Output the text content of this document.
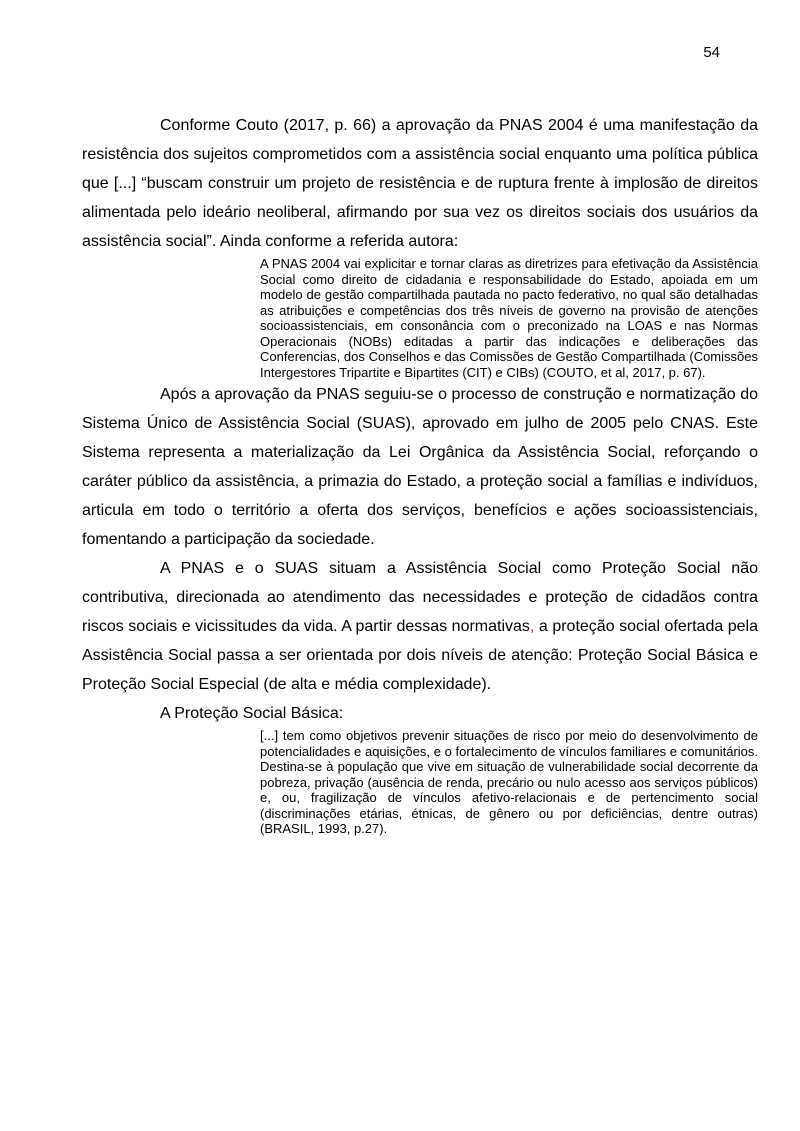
54

Conforme Couto (2017, p. 66) a aprovação da PNAS 2004 é uma manifestação da resistência dos sujeitos comprometidos com a assistência social enquanto uma política pública que [...] “buscam construir um projeto de resistência e de ruptura frente à implosão de direitos alimentada pelo ideário neoliberal, afirmando por sua vez os direitos sociais dos usuários da assistência social”. Ainda conforme a referida autora:

A PNAS 2004 vai explicitar e tornar claras as diretrizes para efetivação da Assistência Social como direito de cidadania e responsabilidade do Estado, apoiada em um modelo de gestão compartilhada pautada no pacto federativo, no qual são detalhadas as atribuições e competências dos três níveis de governo na provisão de atenções socioassistenciais, em consonância com o preconizado na LOAS e nas Normas Operacionais (NOBs) editadas a partir das indicações e deliberações das Conferencias, dos Conselhos e das Comissões de Gestão Compartilhada (Comissões Intergestores Tripartite e Bipartites (CIT) e CIBs) (COUTO, et al, 2017, p. 67).

Após a aprovação da PNAS seguiu-se o processo de construção e normatização do Sistema Único de Assistência Social (SUAS), aprovado em julho de 2005 pelo CNAS. Este Sistema representa a materialização da Lei Orgânica da Assistência Social, reforçando o caráter público da assistência, a primazia do Estado, a proteção social a famílias e indivíduos, articula em todo o território a oferta dos serviços, benefícios e ações socioassistenciais, fomentando a participação da sociedade.

A PNAS e o SUAS situam a Assistência Social como Proteção Social não contributiva, direcionada ao atendimento das necessidades e proteção de cidadãos contra riscos sociais e vicissitudes da vida. A partir dessas normativas, a proteção social ofertada pela Assistência Social passa a ser orientada por dois níveis de atenção: Proteção Social Básica e Proteção Social Especial (de alta e média complexidade).

A Proteção Social Básica:

[...] tem como objetivos prevenir situações de risco por meio do desenvolvimento de potencialidades e aquisições, e o fortalecimento de vínculos familiares e comunitários. Destina-se à população que vive em situação de vulnerabilidade social decorrente da pobreza, privação (ausência de renda, precário ou nulo acesso aos serviços públicos) e, ou, fragilização de vínculos afetivo-relacionais e de pertencimento social (discriminações etárias, étnicas, de gênero ou por deficiências, dentre outras) (BRASIL, 1993, p.27).
